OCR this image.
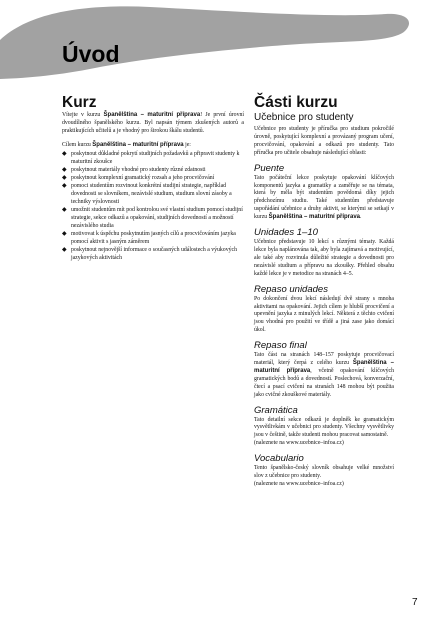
Úvod
Kurz

Vítejte v kurzu Španělština – maturitní příprava! Je první úrovní dvoudílného španělského kurzu. Byl napsán týmem zkušených autorů a praktikujících učitelů a je vhodný pro širokou škálu studentů.

Cílem kurzu Španělština – maturitní příprava je:

◆ poskytnout důkladné pokrytí studijních požadavků a připravit studenty k maturitní zkoušce
◆ poskytnout materiály vhodné pro studenty různé zdatnosti
◆ poskytnout komplexní gramatický rozsah a jeho procvičování
◆ pomoci studentům rozvinout konkrétní studijní strategie, například dovednosti se slovníkem, nezávislé studium, studium slovní zásoby a techniky výslovnosti
◆ umožnit studentům mít pod kontrolou své vlastní studium pomocí studijní strategie, sekce odkazů a opakování, studijních dovedností a možností nezávislého studia
◆ motivovat k úspěchu poskytnutím jasných cílů a procvičováním jazyka pomocí aktivit s jasným záměrem
◆ poskytnout nejnovější informace o současných událostech a výukových jazykových aktivitách
Části kurzu
Učebnice pro studenty

Učebnice pro studenty je příručka pro studium pokročilé úrovně, poskytující komplexní a provázaný program učení, procvičování, opakování a odkazů pro studenty. Tato příručka pro učitele obsahuje následující oblasti:

Puente

Tato počáteční lekce poskytuje opakování klíčových komponentů jazyka a gramatiky a zaměřuje se na témata, která by měla být studentům povědomá díky jejich předchozímu studiu. Také studentům představuje uspořádání učebnice a druhy aktivit, se kterými se setkají v kurzu Španělština – maturitní příprava.

Unidades 1–10

Učebnice představuje 10 lekcí s různými tématy. Každá lekce byla naplánována tak, aby byla zajímavá a motivující, ale také aby rozvinula důležité strategie a dovednosti pro nezávislé studium a přípravu na zkoušky. Přehled obsahu každé lekce je v metodice na stranách 4–5.

Repaso unidades

Po dokončení dvou lekcí následují dvě strany s mnoha aktivitami na opakování. Jejich cílem je hlubší procvičení a upevnění jazyka z minulých lekcí. Některá z těchto cvičení jsou vhodná pro použití ve třídě a jiná zase jako domácí úkol.

Repaso final

Tato část na stranách 148–157 poskytuje procvičovací materiál, který čerpá z celého kurzu Španělština – maturitní příprava, včetně opakování klíčových gramatických bodů a dovedností. Poslechová, konverzační, čtecí a psací cvičení na stranách 148 mohou být použita jako cvičné zkouškové materiály.

Gramática

Tato detailní sekce odkazů je doplněk ke gramatickým vysvětlivkám v učebnici pro studenty. Všechny vysvětlivky jsou v češtině, takže studenti mohou pracovat samostatně.
(naleznete na www.ucebnice–infoa.cz)

Vocabulario

Tento španělsko-český slovník obsahuje velké množství slov z učebnice pro studenty.
(naleznete na www.ucebnice–infoa.cz)

7
